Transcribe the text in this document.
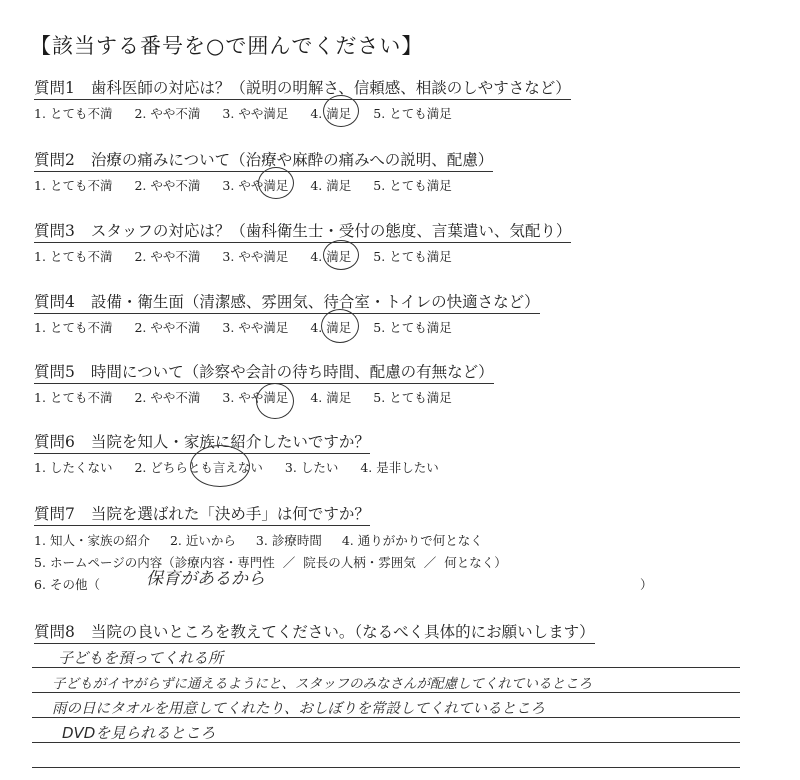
【該当する番号を○で囲んでください】
質問1 歯科医師の対応は？（説明の明解さ、信頼感、相談のしやすさなど）
1. とても不満 2. やや不満 3. やや満足 4. 満足 5. とても満足
質問2 治療の痛みについて（治療や麻酔の痛みへの説明、配慮）
1. とても不満 2. やや不満 3. やや満足 4. 満足 5. とても満足
質問3 スタッフの対応は？（歯科衛生士・受付の態度、言葉遣い、気配り）
1. とても不満 2. やや不満 3. やや満足 4. 満足 5. とても満足
質問4 設備・衛生面（清潔感、雰囲気、待合室・トイレの快適さなど）
1. とても不満 2. やや不満 3. やや満足 4. 満足 5. とても満足
質問5 時間について（診察や会計の待ち時間、配慮の有無など）
1. とても不満 2. やや不満 3. やや満足 4. 満足 5. とても満足
質問6 当院を知人・家族に紹介したいですか？
1. したくない 2. どちらとも言えない 3. したい 4. 是非したい
質問7 当院を選ばれた「決め手」は何ですか？
1. 知人・家族の紹介 2. 近いから 3. 診療時間 4. 通りがかりで何となく
5. ホームページの内容（診療内容・専門性 ／ 院長の人柄・雰囲気 ／ 何となく）
6. その他（	保育があるから	）
質問8 当院の良いところを教えてください。（なるべく具体的にお願いします）
子どもを預ってくれる所
子どもがイヤがらずに通えるようにと、スタッフのみなさんが配慮してくれているところ
雨の日にタオルを用意してくれたり、おしぼりを常設してくれているところ
DVDを見られるところ
